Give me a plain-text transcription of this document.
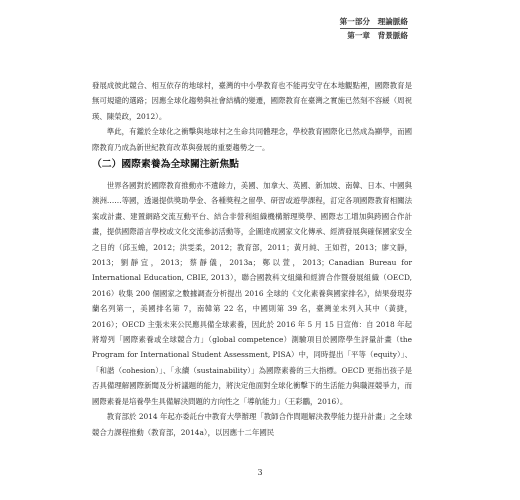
第一部分　理論脈絡
第一章　背景脈絡

發展成彼此競合、相互依存的地球村，臺灣的中小學教育也不能再安守在本地觀點裡，國際教育是無可規避的選路；因應全球化趨勢與社會結構的變遷，國際教育在臺灣之實施已然刻不容緩（周祝瑛、陳榮政，2012）。

準此，有鑑於全球化之衝擊與地球村之生命共同體理念，學校教育國際化已然成為顯學，而國際教育乃成為新世紀教育改革與發展的重要趨勢之一。

（二）國際素養為全球關注新焦點

世界各國對於國際教育推動亦不遺餘力，美國、加拿大、英國、新加坡、南韓、日本、中國與澳洲……等國，透過提供獎助學金、各種獎程之留學、研習或遊學課程，訂定各項國際教育相關法案或計畫、建置網路交流互動平台、結合非營利組織機構辦理獎學、國際志工增加與跨國合作計畫，提供國際語言學校或文化交流參訪活動等，企圖達成國家文化傳承、經濟發展與確保國家安全之目的（邱玉蟾，2012；洪雯柔，2012；教育部，2011；黃月純、王如哲，2013；廖文靜，2013；劉靜宜，2013；蔡靜儀，2013a；鄭以萱，2013；Canadian Bureau for International Education, CBIE, 2013），聯合國教科文組織和經濟合作暨發展組織（OECD, 2016）收集 200 個國家之數據調查分析提出 2016 全球的《文化素養與國家排名》，結果發現芬蘭名列第一，美國排名第 7，南韓第 22 名，中國則第 39 名，臺灣並未列入其中（黃捷，2016）；OECD 主張未來公民應具備全球素養，因此於 2016 年 5 月 15 日宣佈：自 2018 年起將增列「國際素養或全球競合力」（global competence）測驗項目於國際學生評量計畫（the Program for International Student Assessment, PISA）中，同時提出「平等（equity）」、「和諧（cohesion）」、「永續（sustainability）」為國際素養的三大指標。OECD 更指出孩子是否具備理解國際新聞及分析議題的能力，將決定他面對全球化衝擊下的生活能力與職涯競爭力，而國際素養是培養學生具備解決問題的方向性之「導航能力」（王彩鸝，2016）。

教育部於 2014 年起亦委託台中教育大學辦理「教師合作問題解決教學能力提升計畫」之全球競合力課程推動（教育部，2014a），以因應十二年國民

3
